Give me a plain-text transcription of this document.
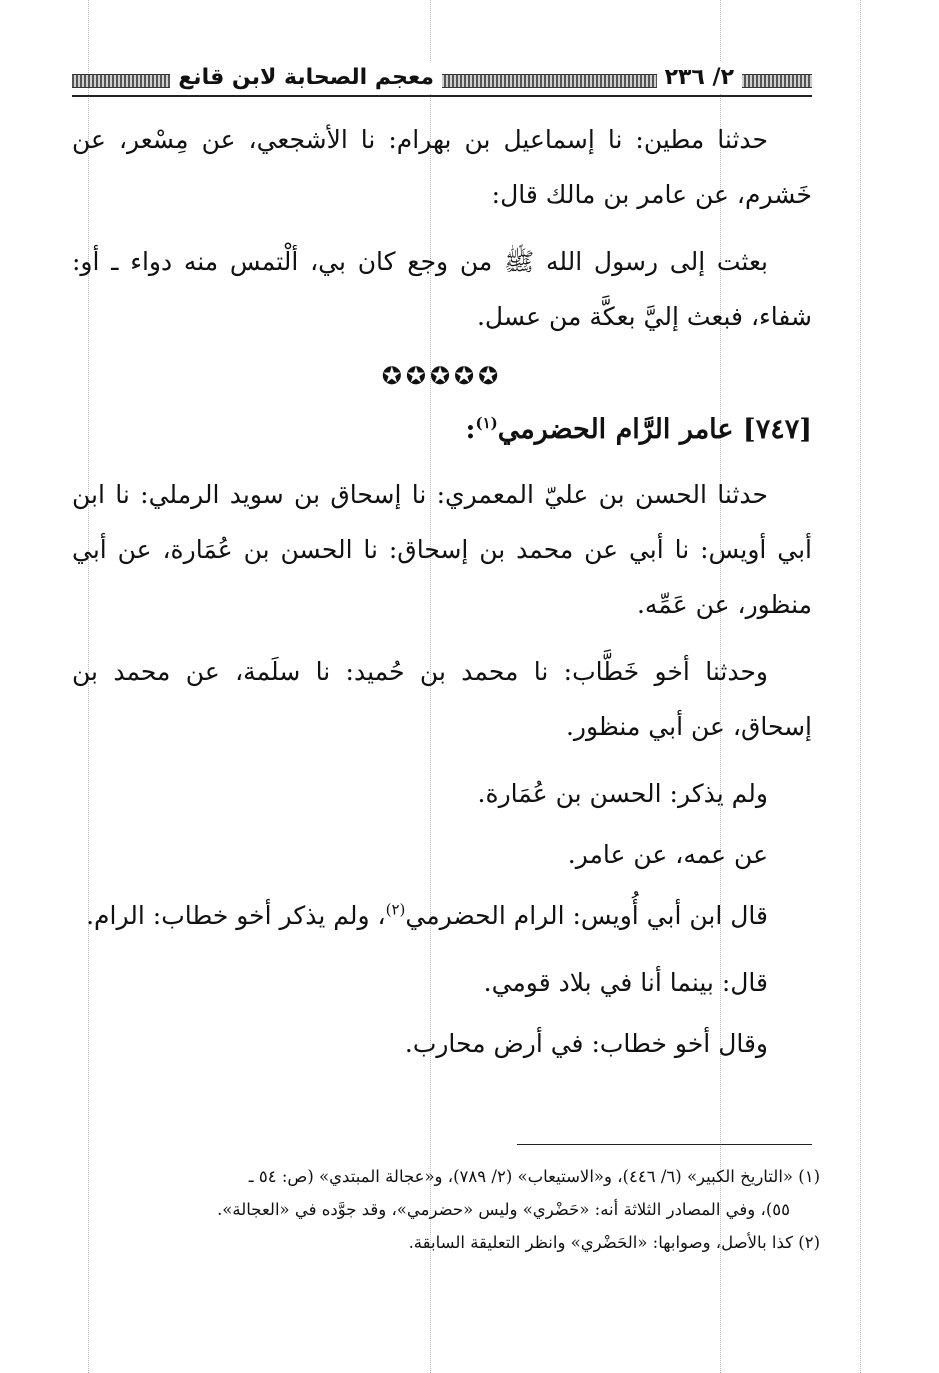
٢/ ٢٣٦
معجم الصحابة لابن قانع

حدثنا مطين: نا إسماعيل بن بهرام: نا الأشجعي، عن مِسْعر، عن خَشرم، عن عامر بن مالك قال:

بعثت إلى رسول الله ﷺ من وجع كان بي، ألْتمس منه دواء ـ أو: شفاء، فبعث إليَّ بعكَّة من عسل.

✪✪✪✪✪

[٧٤٧] عامر الرَّام الحضرمي$^{(١)}$:

حدثنا الحسن بن عليّ المعمري: نا إسحاق بن سويد الرملي: نا ابن أبي أويس: نا أبي عن محمد بن إسحاق: نا الحسن بن عُمَارة، عن أبي منظور، عن عَمِّه.

وحدثنا أخو خَطَّاب: نا محمد بن حُميد: نا سلَمة، عن محمد بن إسحاق، عن أبي منظور.

ولم يذكر: الحسن بن عُمَارة.

عن عمه، عن عامر.

قال ابن أبي أُويس: الرام الحضرمي$^{(٢)}$، ولم يذكر أخو خطاب: الرام.

قال: بينما أنا في بلاد قومي.

وقال أخو خطاب: في أرض محارب.

(١) «التاريخ الكبير» (٦/ ٤٤٦)، و«الاستيعاب» (٢/ ٧٨٩)، و«عجالة المبتدي» (ص: ٥٤ ـ

٥٥)، وفي المصادر الثلاثة أنه: «حَضْري» وليس «حضرمي»، وقد جوَّده في «العجالة».

(٢) كذا بالأصل، وصوابها: «الحَضْري» وانظر التعليقة السابقة.
